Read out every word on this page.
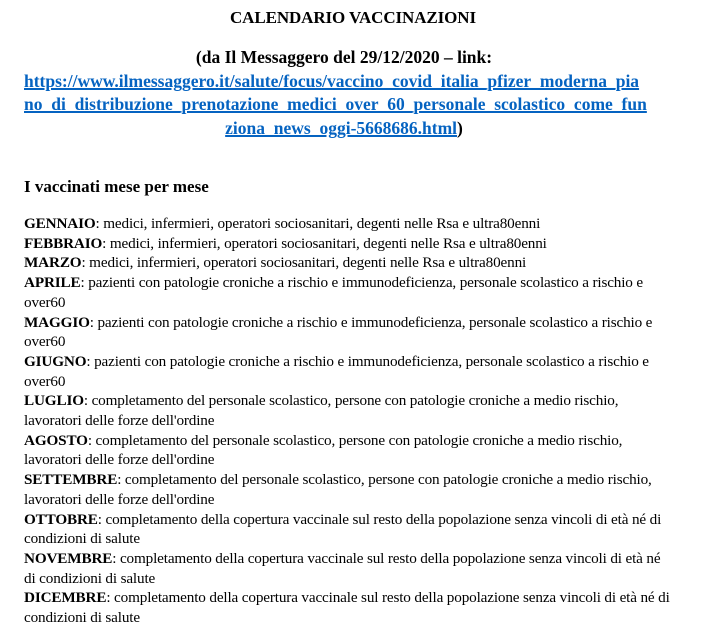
CALENDARIO VACCINAZIONI
(da Il Messaggero del 29/12/2020 – link:
https://www.ilmessaggero.it/salute/focus/vaccino_covid_italia_pfizer_moderna_pia
no_di_distribuzione_prenotazione_medici_over_60_personale_scolastico_come_fun
ziona_news_oggi-5668686.html)
I vaccinati mese per mese

GENNAIO: medici, infermieri, operatori sociosanitari, degenti nelle Rsa e ultra80enni

FEBBRAIO: medici, infermieri, operatori sociosanitari, degenti nelle Rsa e ultra80enni

MARZO: medici, infermieri, operatori sociosanitari, degenti nelle Rsa e ultra80enni

APRILE: pazienti con patologie croniche a rischio e immunodeficienza, personale scolastico a rischio e over60

MAGGIO: pazienti con patologie croniche a rischio e immunodeficienza, personale scolastico a rischio e over60

GIUGNO: pazienti con patologie croniche a rischio e immunodeficienza, personale scolastico a rischio e over60

LUGLIO: completamento del personale scolastico, persone con patologie croniche a medio rischio, lavoratori delle forze dell'ordine

AGOSTO: completamento del personale scolastico, persone con patologie croniche a medio rischio, lavoratori delle forze dell'ordine

SETTEMBRE: completamento del personale scolastico, persone con patologie croniche a medio rischio, lavoratori delle forze dell'ordine

OTTOBRE: completamento della copertura vaccinale sul resto della popolazione senza vincoli di età né di condizioni di salute

NOVEMBRE: completamento della copertura vaccinale sul resto della popolazione senza vincoli di età né di condizioni di salute

DICEMBRE: completamento della copertura vaccinale sul resto della popolazione senza vincoli di età né di condizioni di salute
